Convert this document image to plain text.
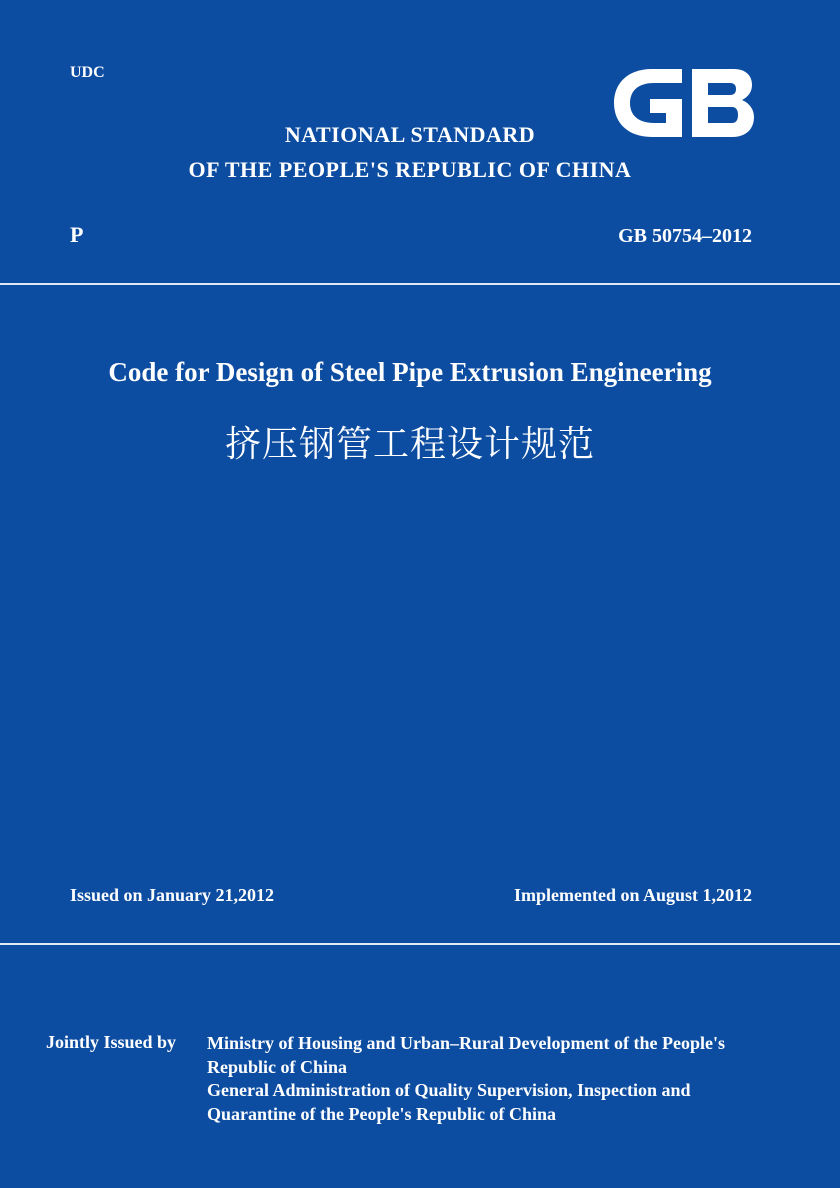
UDC

NATIONAL STANDARD

OF THE PEOPLE'S REPUBLIC OF CHINA

P	GB 50754–2012

Code for Design of Steel Pipe Extrusion Engineering

挤压钢管工程设计规范

Issued on January 21,2012	Implemented on August 1,2012

Jointly Issued by Ministry of Housing and Urban–Rural Development of the People's
Republic of China
General Administration of Quality Supervision, Inspection and
Quarantine of the People's Republic of China
